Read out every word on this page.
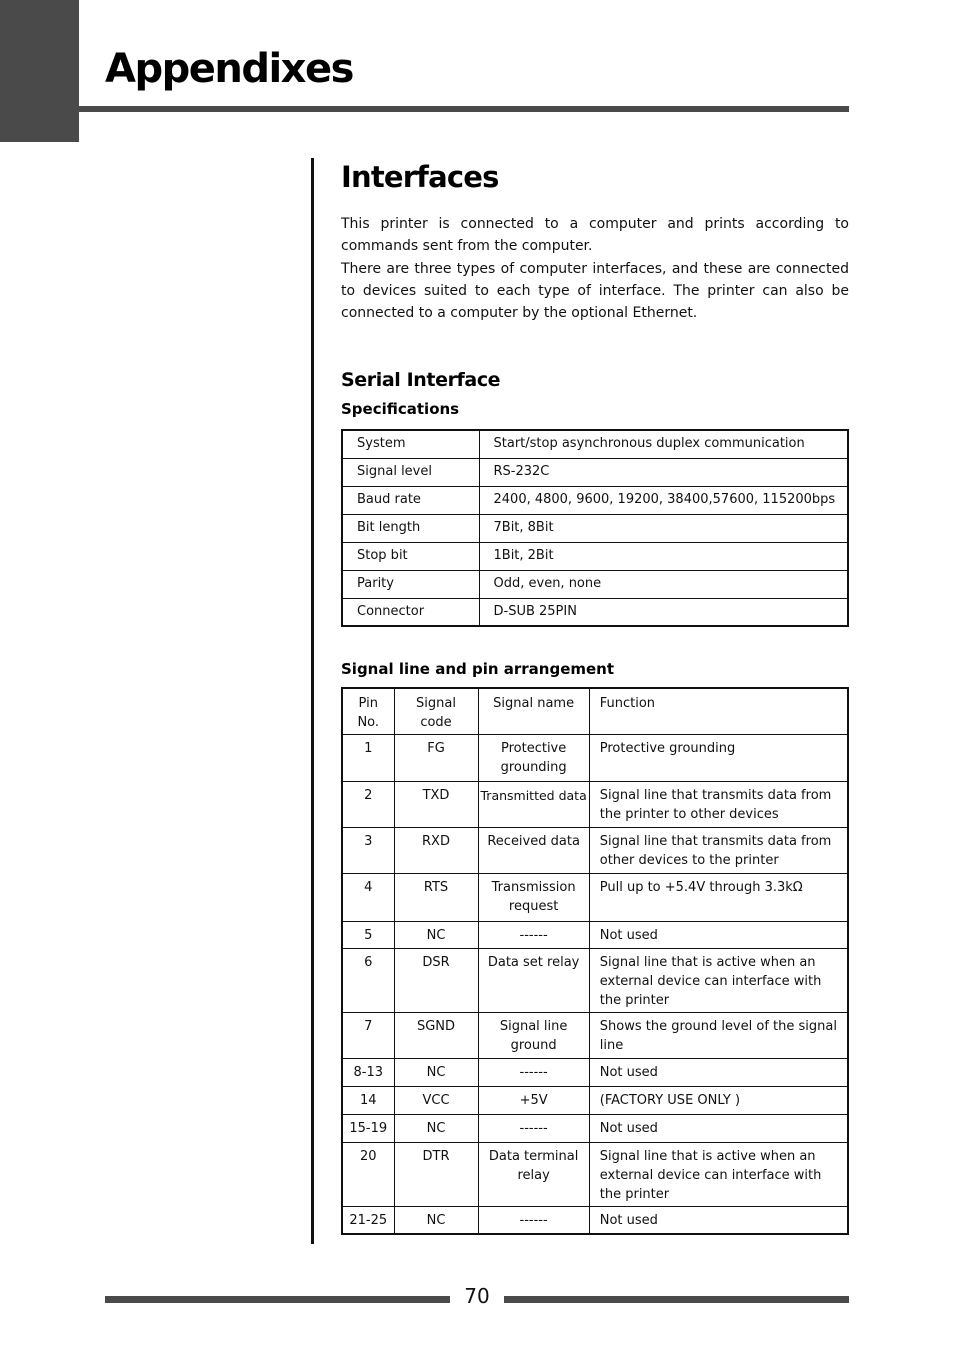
Appendixes
Interfaces

This printer is connected to a computer and prints according to commands sent from the computer.

There are three types of computer interfaces, and these are connected to devices suited to each type of interface. The printer can also be connected to a computer by the optional Ethernet.

Serial Interface
Specifications
System	Start/stop asynchronous duplex communication
Signal level	RS-232C
Baud rate	2400, 4800, 9600, 19200, 38400,57600, 115200bps
Bit length	7Bit, 8Bit
Stop bit	1Bit, 2Bit
Parity	Odd, even, none
Connector	D-SUB 25PIN
Signal line and pin arrangement
Pin No.	Signal code	Signal name	Function
1	FG	Protective grounding	Protective grounding
2	TXD	Transmitted data	Signal line that transmits data from the printer to other devices
3	RXD	Received data	Signal line that transmits data from other devices to the printer
4	RTS	Transmission request	Pull up to +5.4V through 3.3kΩ
5	NC	------	Not used
6	DSR	Data set relay	Signal line that is active when an external device can interface with the printer
7	SGND	Signal line ground	Shows the ground level of the signal line
8-13	NC	------	Not used
14	VCC	+5V	(FACTORY USE ONLY )
15-19	NC	------	Not used
20	DTR	Data terminal relay	Signal line that is active when an external device can interface with the printer
21-25	NC	------	Not used
70
